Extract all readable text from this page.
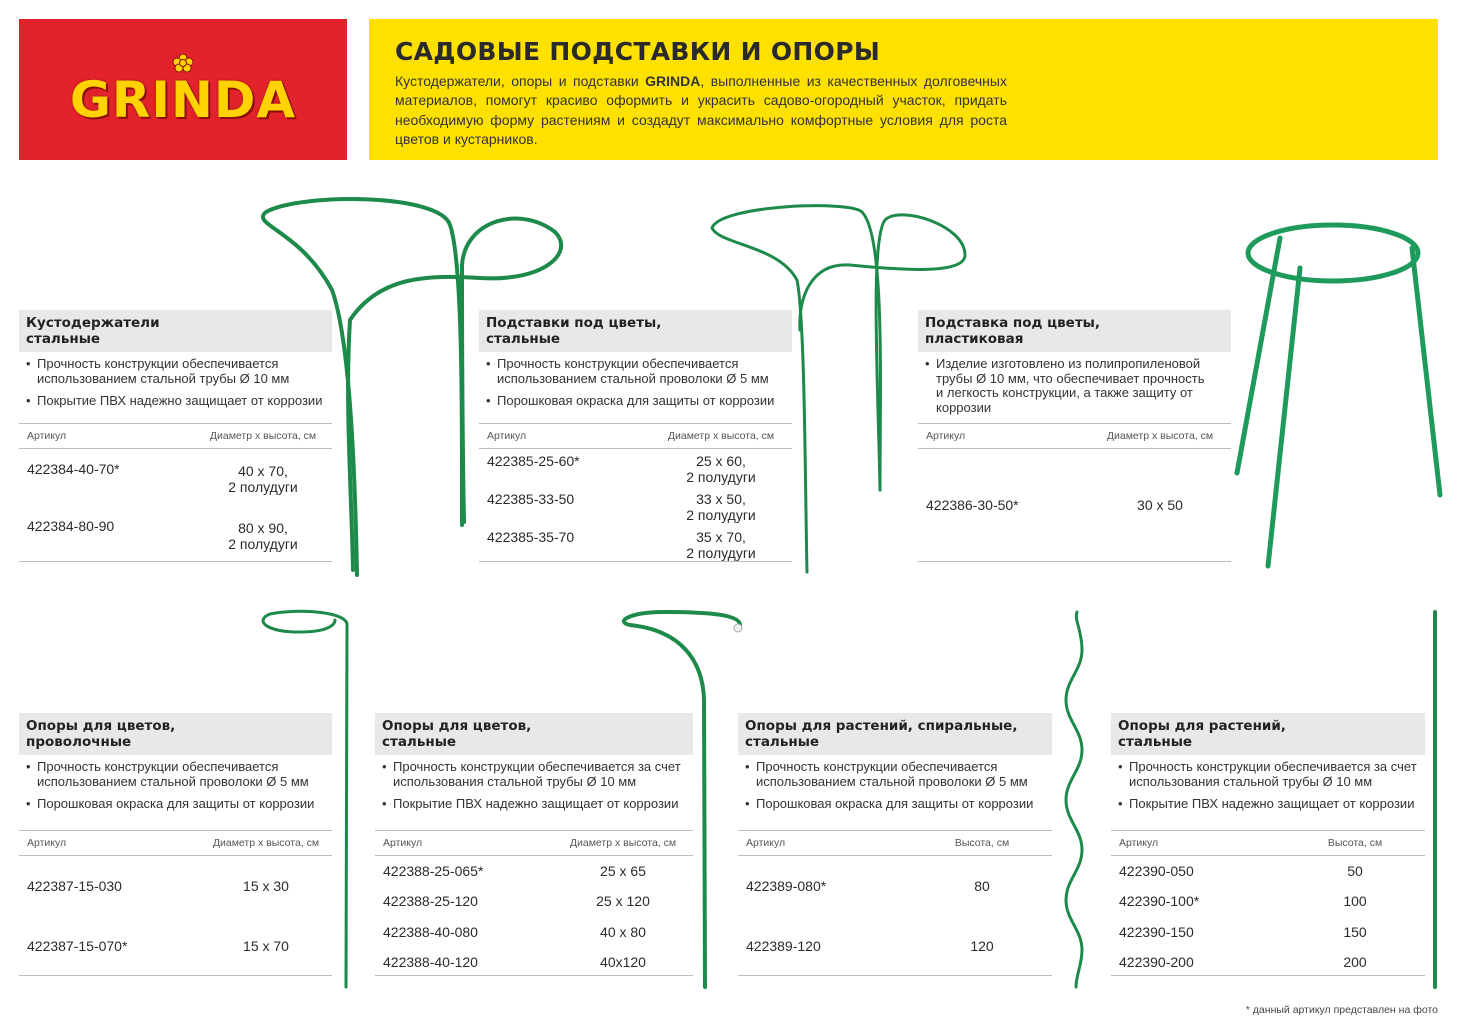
GRINDA
САДОВЫЕ ПОДСТАВКИ И ОПОРЫ

Кустодержатели, опоры и подставки GRINDA, выполненные из качественных долговечных материалов, помогут красиво оформить и украсить садово-огородный участок, придать необходимую форму растениям и создадут максимально комфортные условия для роста цветов и кустарников.

Кустодержатели
стальные
• Прочность конструкции обеспечивается использованием стальной трубы Ø 10 мм
• Покрытие ПВХ надежно защищает от коррозии
Артикул	Диаметр х высота, см
422384-40-70*	40 х 70,
2 полудуги
422384-80-90	80 х 90,
2 полудуги
Подставки под цветы,
стальные
• Прочность конструкции обеспечивается использованием стальной проволоки Ø 5 мм
• Порошковая окраска для защиты от коррозии
Артикул	Диаметр х высота, см
422385-25-60*	25 х 60,
2 полудуги
422385-33-50	33 х 50,
2 полудуги
422385-35-70	35 х 70,
2 полудуги
Подставка под цветы,
пластиковая
• Изделие изготовлено из полипропиленовой трубы Ø 10 мм, что обеспечивает прочность и легкость конструкции, а также защиту от коррозии
Артикул	Диаметр х высота, см
422386-30-50*	30 х 50
Опоры для цветов,
проволочные
• Прочность конструкции обеспечивается использованием стальной проволоки Ø 5 мм
• Порошковая окраска для защиты от коррозии
Артикул	Диаметр х высота, см
422387-15-030	15 х 30
422387-15-070*	15 х 70
Опоры для цветов,
стальные
• Прочность конструкции обеспечивается за счет использования стальной трубы Ø 10 мм
• Покрытие ПВХ надежно защищает от коррозии
Артикул	Диаметр х высота, см
422388-25-065*	25 х 65
422388-25-120	25 х 120
422388-40-080	40 х 80
422388-40-120	40х120
Опоры для растений, спиральные,
стальные
• Прочность конструкции обеспечивается использованием стальной проволоки Ø 5 мм
• Порошковая окраска для защиты от коррозии
Артикул	Высота, см
422389-080*	80
422389-120	120
Опоры для растений,
стальные
• Прочность конструкции обеспечивается за счет использования стальной трубы Ø 10 мм
• Покрытие ПВХ надежно защищает от коррозии
Артикул	Высота, см
422390-050	50
422390-100*	100
422390-150	150
422390-200	200
* данный артикул представлен на фото
